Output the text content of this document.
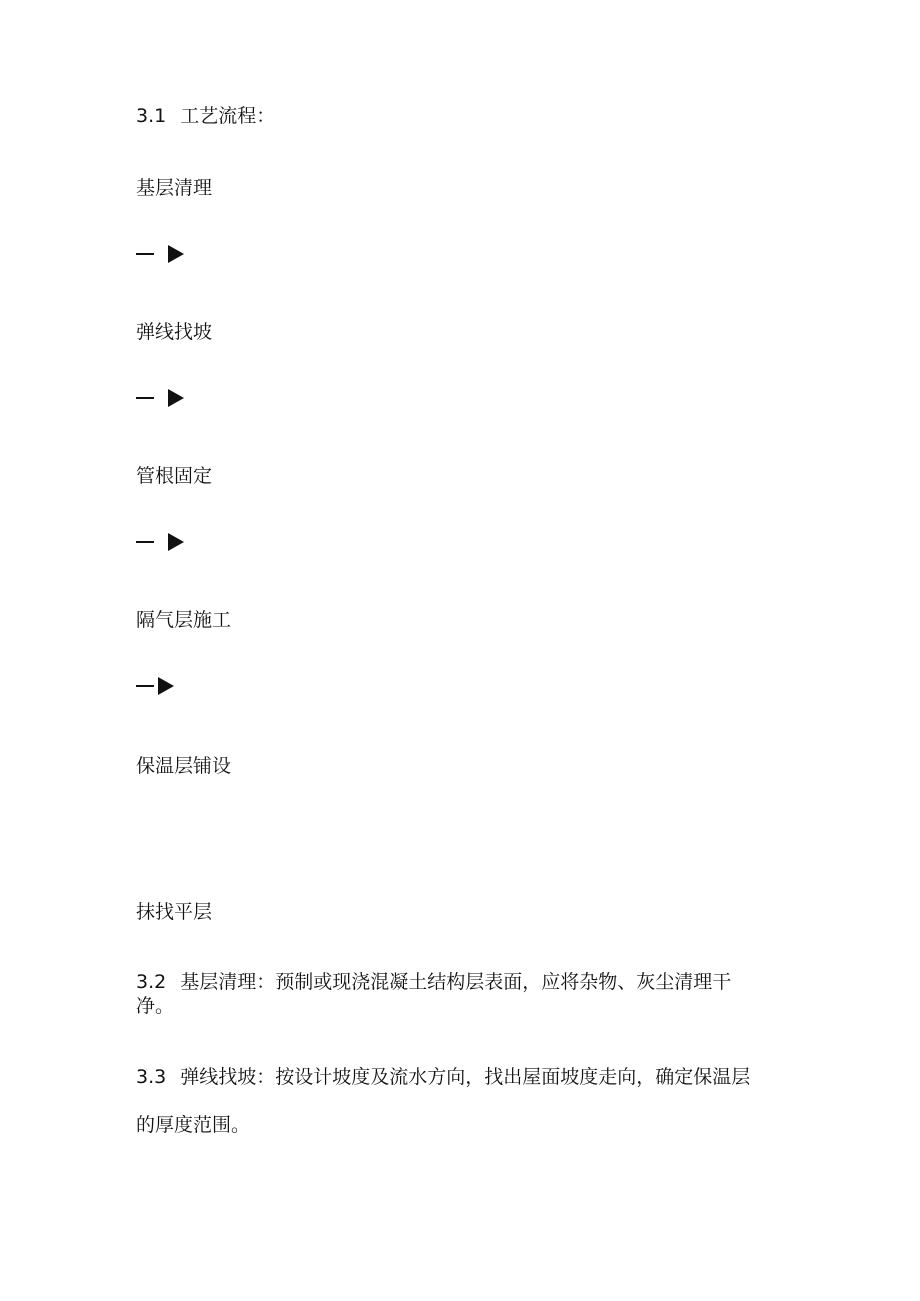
3.1 工艺流程：
基层清理
弹线找坡
管根固定
隔气层施工
保温层铺设
抹找平层
3.2 基层清理：预制或现浇混凝土结构层表面，应将杂物、灰尘清理干
净。
3.3 弹线找坡：按设计坡度及流水方向，找出屋面坡度走向，确定保温层
的厚度范围。
